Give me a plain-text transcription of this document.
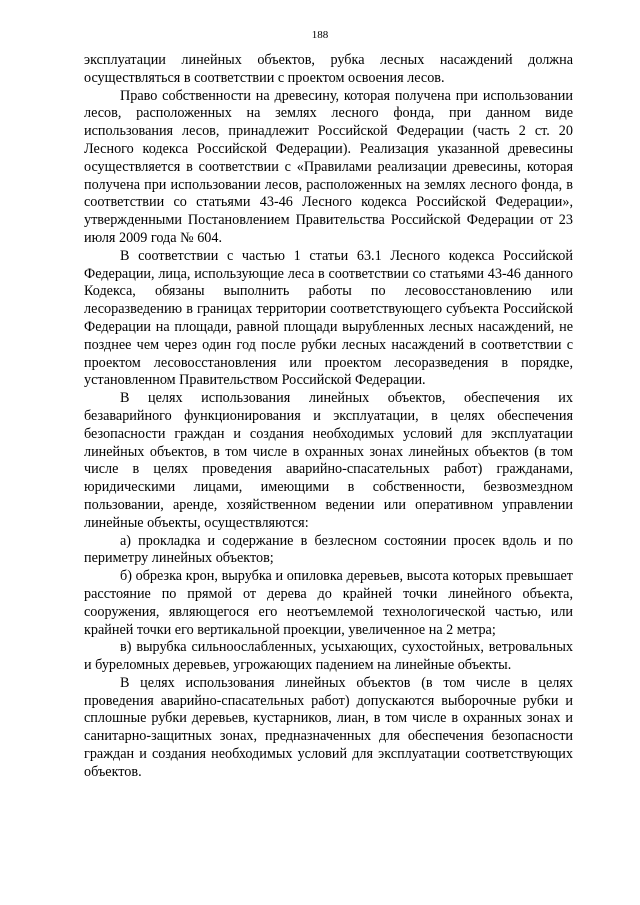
188

эксплуатации линейных объектов, рубка лесных насаждений должна осуществляться в соответствии с проектом освоения лесов.

Право собственности на древесину, которая получена при использовании лесов, расположенных на землях лесного фонда, при данном виде использования лесов, принадлежит Российской Федерации (часть 2 ст. 20 Лесного кодекса Российской Федерации). Реализация указанной древесины осуществляется в соответствии с «Правилами реализации древесины, которая получена при использовании лесов, расположенных на землях лесного фонда, в соответствии со статьями 43-46 Лесного кодекса Российской Федерации», утвержденными Постановлением Правительства Российской Федерации от 23 июля 2009 года № 604.

В соответствии с частью 1 статьи 63.1 Лесного кодекса Российской Федерации, лица, использующие леса в соответствии со статьями 43-46 данного Кодекса, обязаны выполнить работы по лесовосстановлению или лесоразведению в границах территории соответствующего субъекта Российской Федерации на площади, равной площади вырубленных лесных насаждений, не позднее чем через один год после рубки лесных насаждений в соответствии с проектом лесовосстановления или проектом лесоразведения в порядке, установленном Правительством Российской Федерации.

В целях использования линейных объектов, обеспечения их безаварийного функционирования и эксплуатации, в целях обеспечения безопасности граждан и создания необходимых условий для эксплуатации линейных объектов, в том числе в охранных зонах линейных объектов (в том числе в целях проведения аварийно-спасательных работ) гражданами, юридическими лицами, имеющими в собственности, безвозмездном пользовании, аренде, хозяйственном ведении или оперативном управлении линейные объекты, осуществляются:

а) прокладка и содержание в безлесном состоянии просек вдоль и по периметру линейных объектов;

б) обрезка крон, вырубка и опиловка деревьев, высота которых превышает расстояние по прямой от дерева до крайней точки линейного объекта, сооружения, являющегося его неотъемлемой технологической частью, или крайней точки его вертикальной проекции, увеличенное на 2 метра;

в) вырубка сильноослабленных, усыхающих, сухостойных, ветровальных и буреломных деревьев, угрожающих падением на линейные объекты.

В целях использования линейных объектов (в том числе в целях проведения аварийно-спасательных работ) допускаются выборочные рубки и сплошные рубки деревьев, кустарников, лиан, в том числе в охранных зонах и санитарно-защитных зонах, предназначенных для обеспечения безопасности граждан и создания необходимых условий для эксплуатации соответствующих объектов.
